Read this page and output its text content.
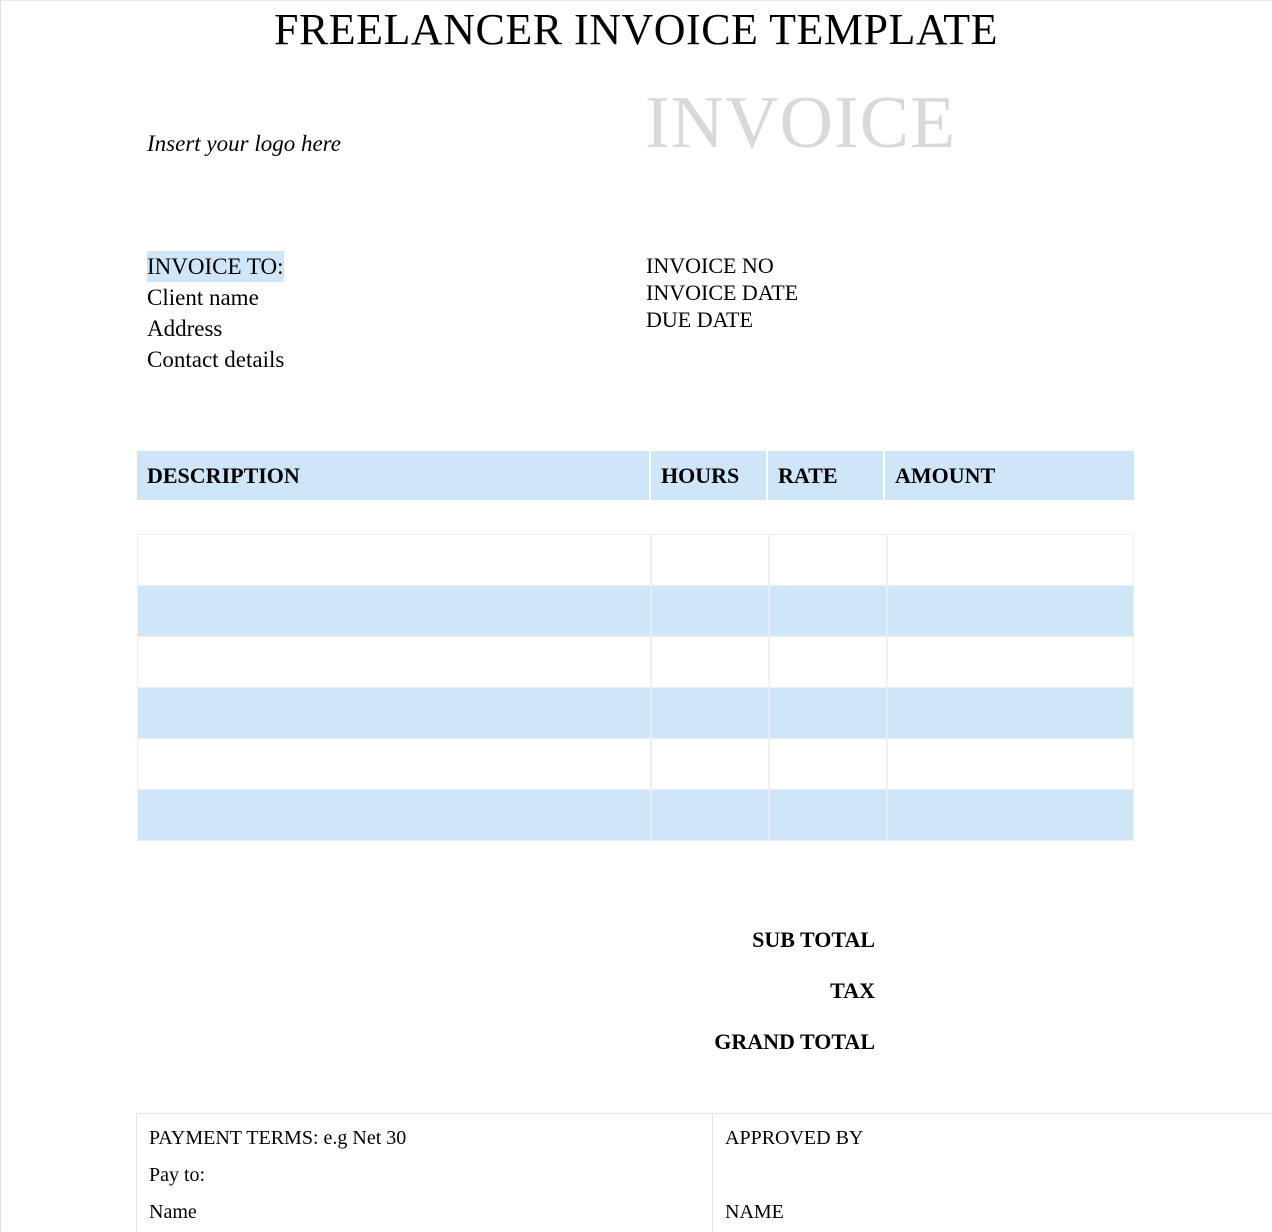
FREELANCER INVOICE TEMPLATE
Insert your logo here	INVOICE
INVOICE TO:
Client name
Address
Contact details
INVOICE NO
INVOICE DATE
DUE DATE
DESCRIPTION	HOURS	RATE	AMOUNT
SUB TOTAL
TAX
GRAND TOTAL
PAYMENT TERMS: e.g Net 30
Pay to:
Name
APPROVED BY
NAME
